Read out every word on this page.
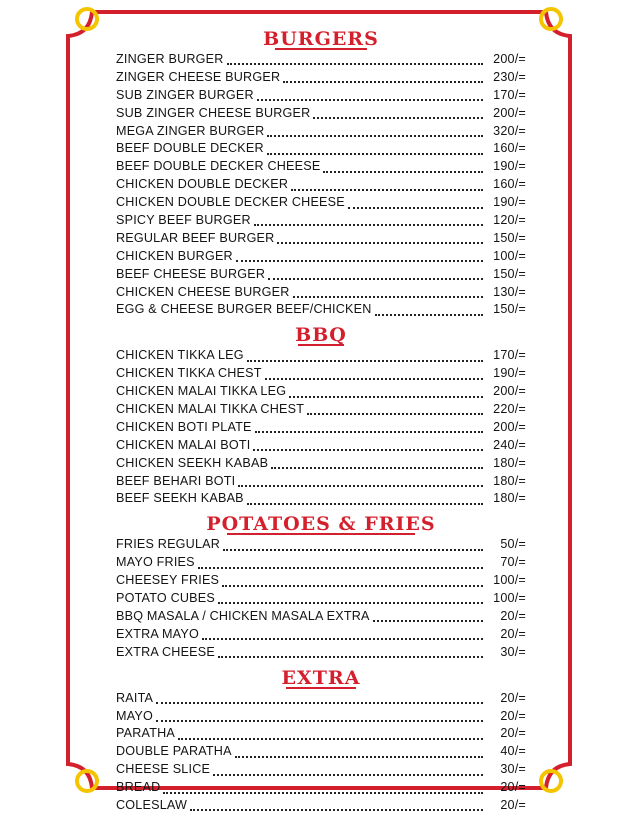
BURGERS
ZINGER BURGER	200/=
ZINGER CHEESE BURGER	230/=
SUB ZINGER BURGER	170/=
SUB ZINGER CHEESE BURGER	200/=
MEGA ZINGER BURGER	320/=
BEEF DOUBLE DECKER	160/=
BEEF DOUBLE DECKER CHEESE	190/=
CHICKEN DOUBLE DECKER	160/=
CHICKEN DOUBLE DECKER CHEESE	190/=
SPICY BEEF BURGER	120/=
REGULAR BEEF BURGER	150/=
CHICKEN BURGER	100/=
BEEF CHEESE BURGER	150/=
CHICKEN CHEESE BURGER	130/=
EGG & CHEESE BURGER BEEF/CHICKEN	150/=
BBQ
CHICKEN TIKKA LEG	170/=
CHICKEN TIKKA CHEST	190/=
CHICKEN MALAI TIKKA LEG	200/=
CHICKEN MALAI TIKKA CHEST	220/=
CHICKEN BOTI PLATE	200/=
CHICKEN MALAI BOTI	240/=
CHICKEN SEEKH KABAB	180/=
BEEF BEHARI BOTI	180/=
BEEF SEEKH KABAB	180/=
POTATOES & FRIES
FRIES REGULAR	50/=
MAYO FRIES	70/=
CHEESEY FRIES	100/=
POTATO CUBES	100/=
BBQ MASALA / CHICKEN MASALA EXTRA	20/=
EXTRA MAYO	20/=
EXTRA CHEESE	30/=
EXTRA
RAITA	20/=
MAYO	20/=
PARATHA	20/=
DOUBLE PARATHA	40/=
CHEESE SLICE	30/=
BREAD	20/=
COLESLAW	20/=
